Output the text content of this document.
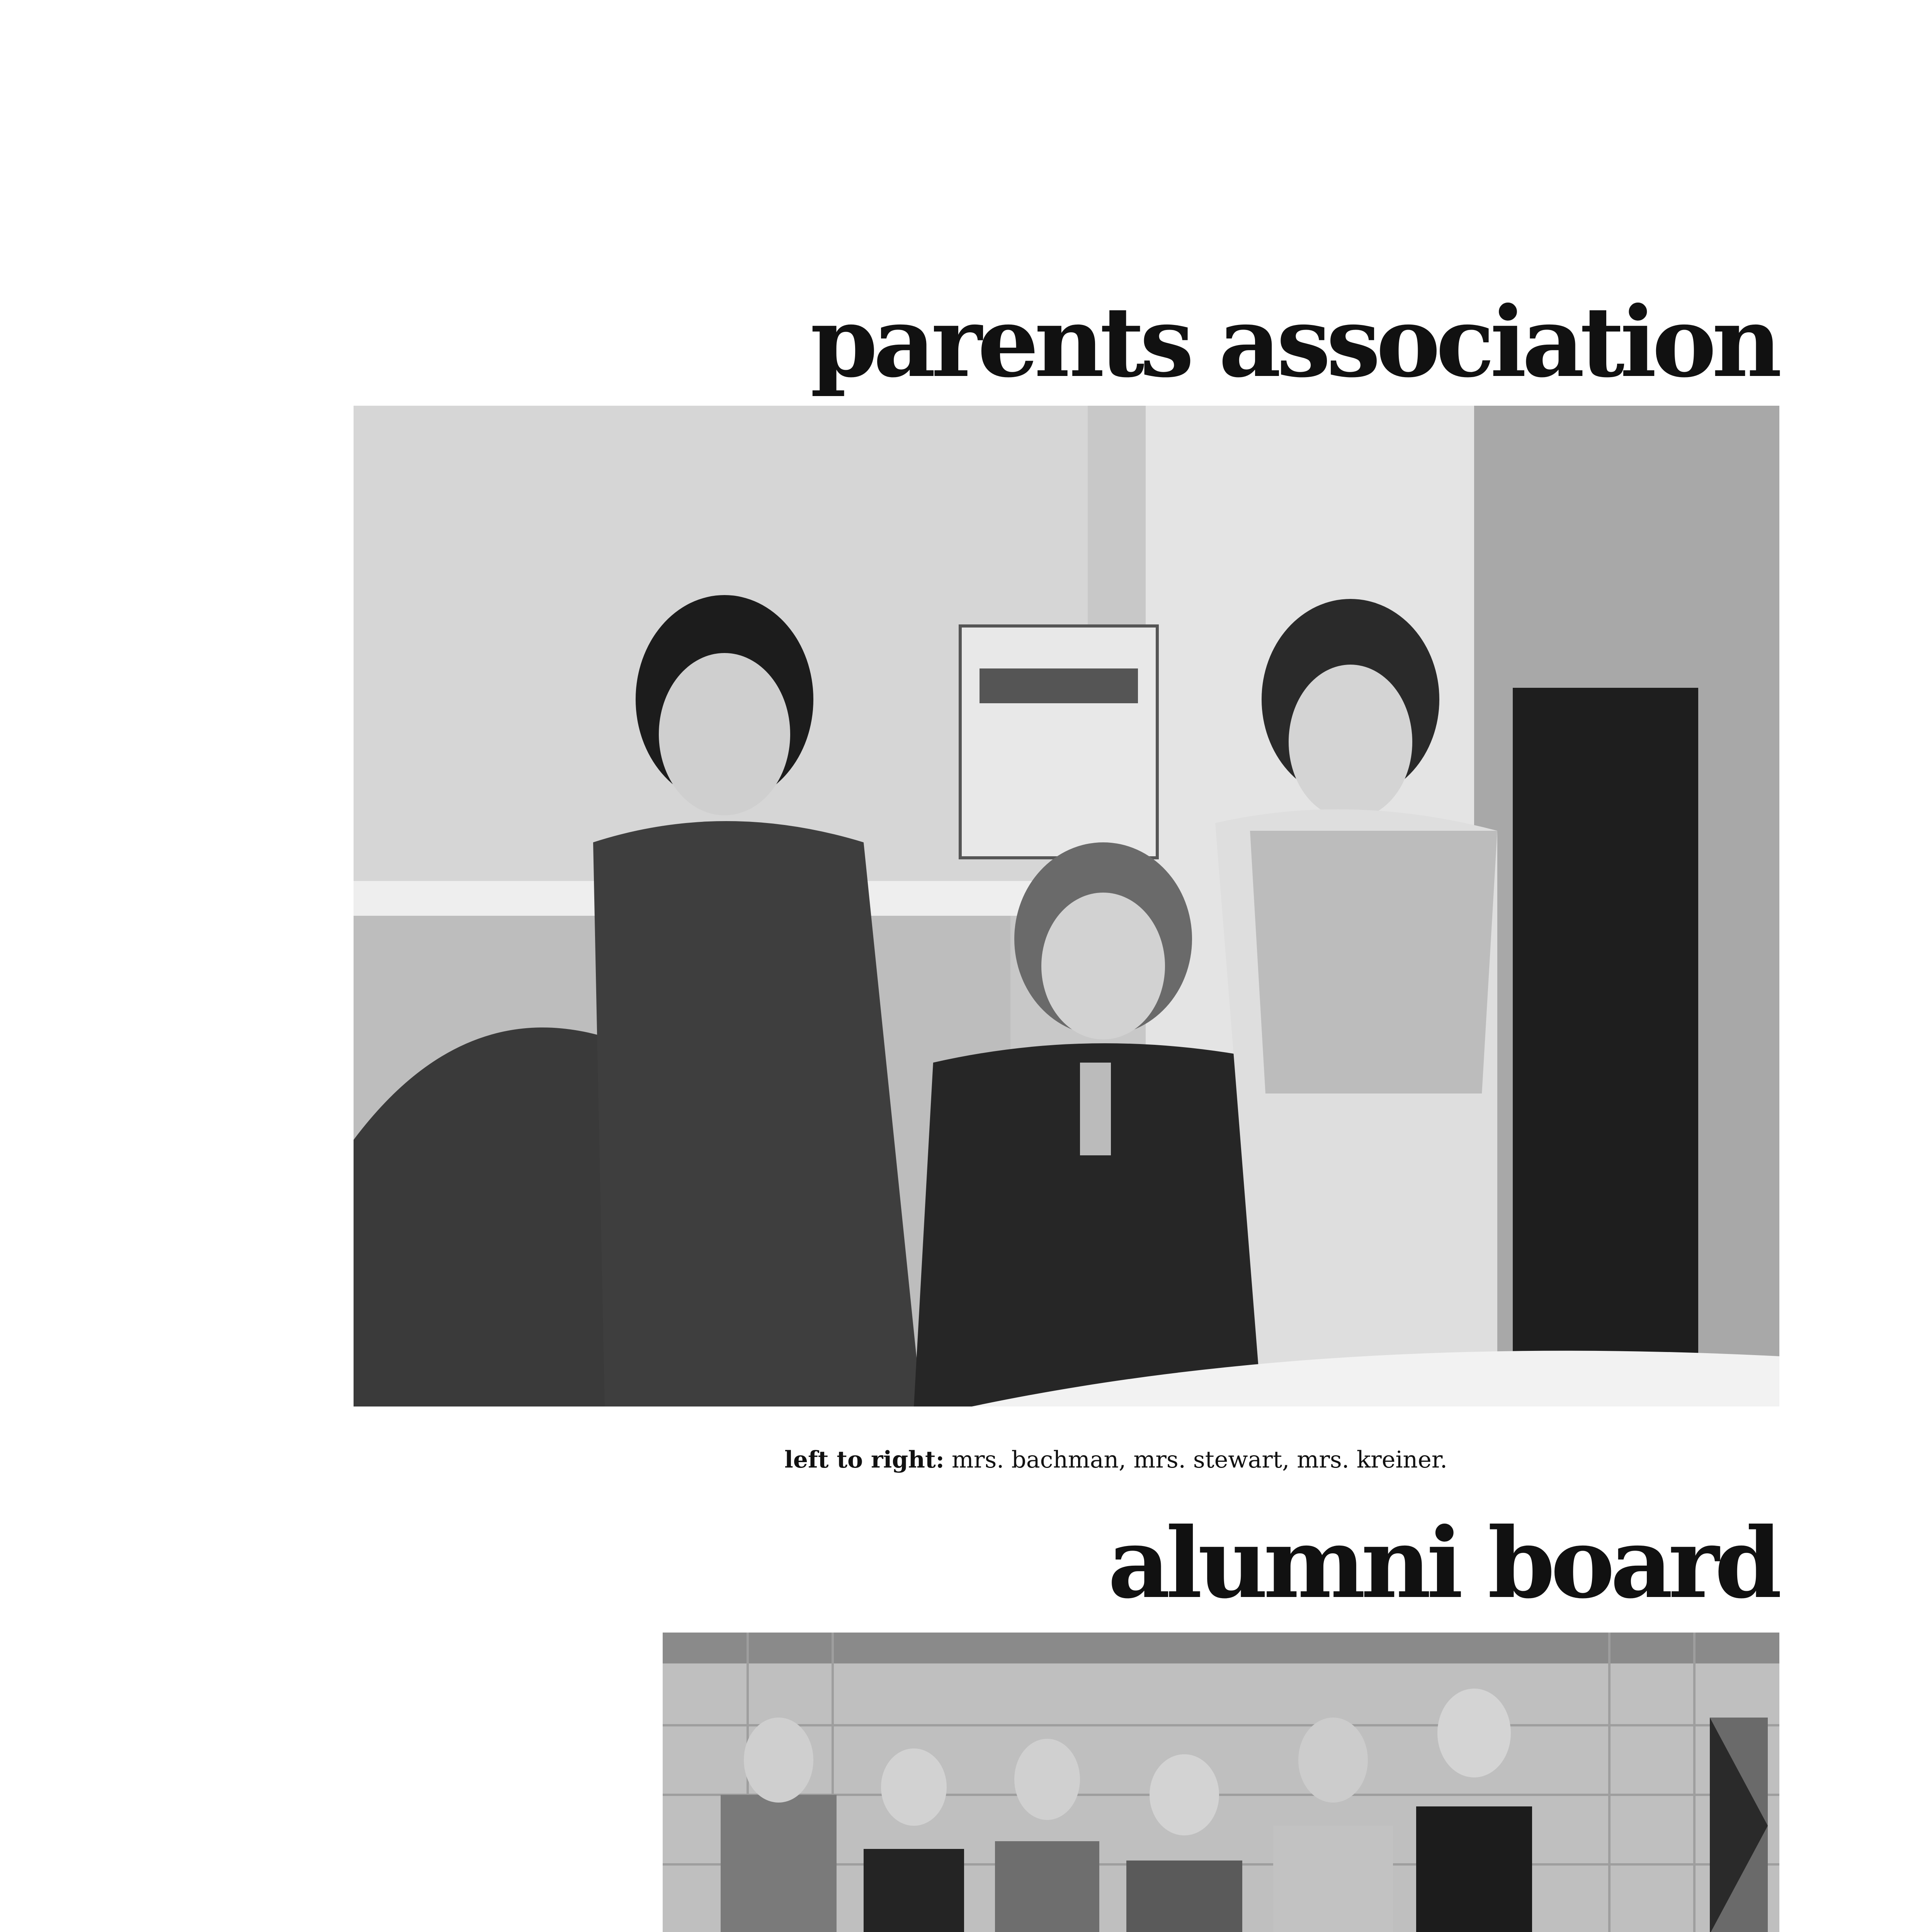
parents association

left to right: mrs. bachman, mrs. stewart, mrs. kreiner.

alumni board
